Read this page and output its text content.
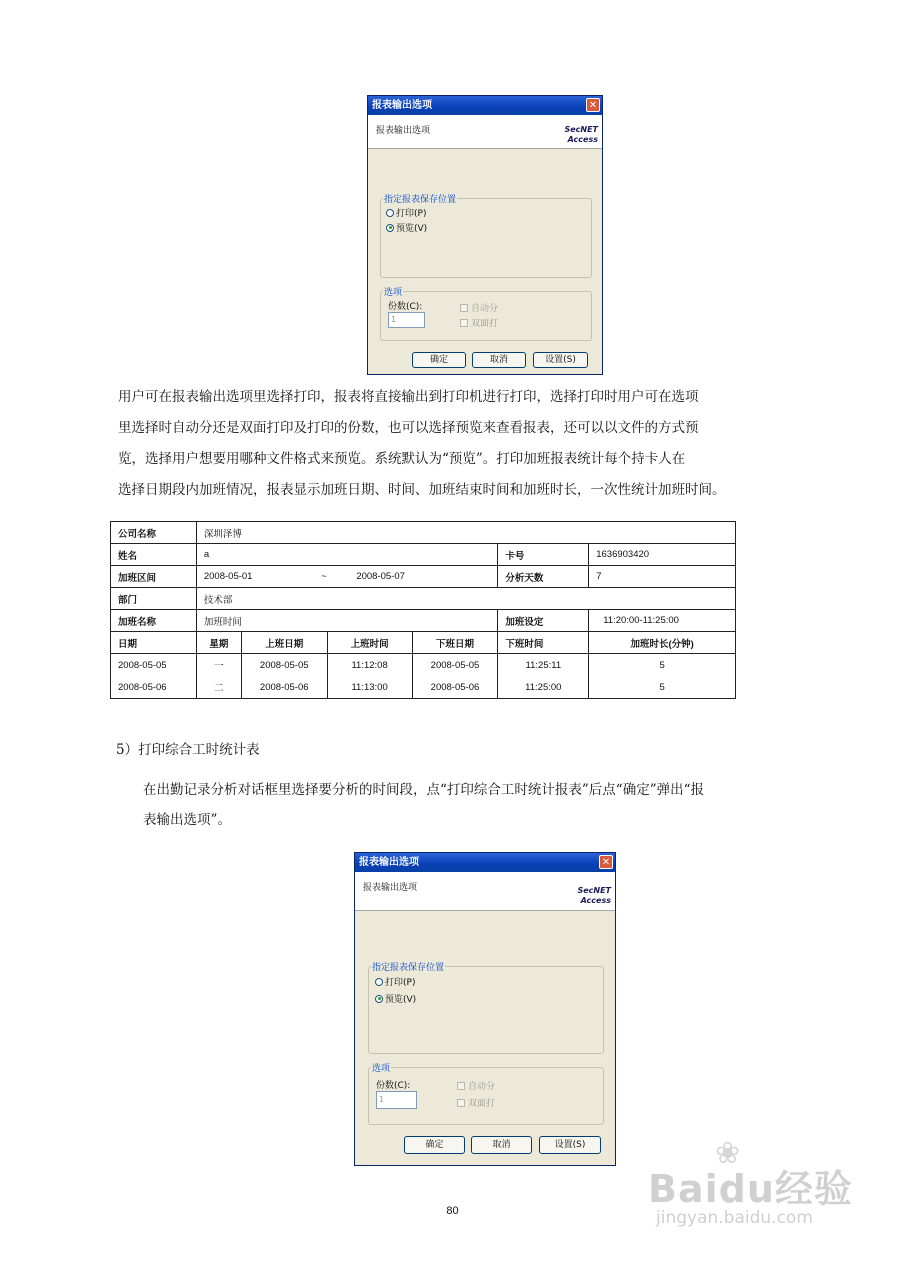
报表输出选项	✕
报表输出选项	SecNET
Access
指定报表保存位置
打印(P)
预览(V)
选项
份数(C):
1
自动分
双面打
确定	取消	设置(S)
用户可在报表输出选项里选择打印，报表将直接输出到打印机进行打印，选择打印时用户可在选项
里选择时自动分还是双面打印及打印的份数，也可以选择预览来查看报表，还可以以文件的方式预
览，选择用户想要用哪种文件格式来预览。系统默认为“预览”。打印加班报表统计每个持卡人在
选择日期段内加班情况，报表显示加班日期、时间、加班结束时间和加班时长，一次性统计加班时间。
公司名称	深圳泽博					
姓名	a				卡号	1636903420
加班区间	2008-05-01 ~ 2008-05-07				分析天数	7
部门	技术部					
加班名称	加班时间				加班设定	11:20:00-11:25:00
日期	星期	上班日期	上班时间	下班日期	下班时间	加班时长(分钟)
2008-05-05	一	2008-05-05	11:12:08	2008-05-05	11:25:11	5
2008-05-06	二	2008-05-06	11:13:00	2008-05-06	11:25:00	5
5）打印综合工时统计表
在出勤记录分析对话框里选择要分析的时间段，点“打印综合工时统计报表”后点“确定”弹出“报
表输出选项”。
报表输出选项	✕
报表输出选项	SecNET
Access
指定报表保存位置
打印(P)
预览(V)
选项
份数(C):
1
自动分
双面打
确定	取消	设置(S)
80
❀
Baidu经验
jingyan.baidu.com
